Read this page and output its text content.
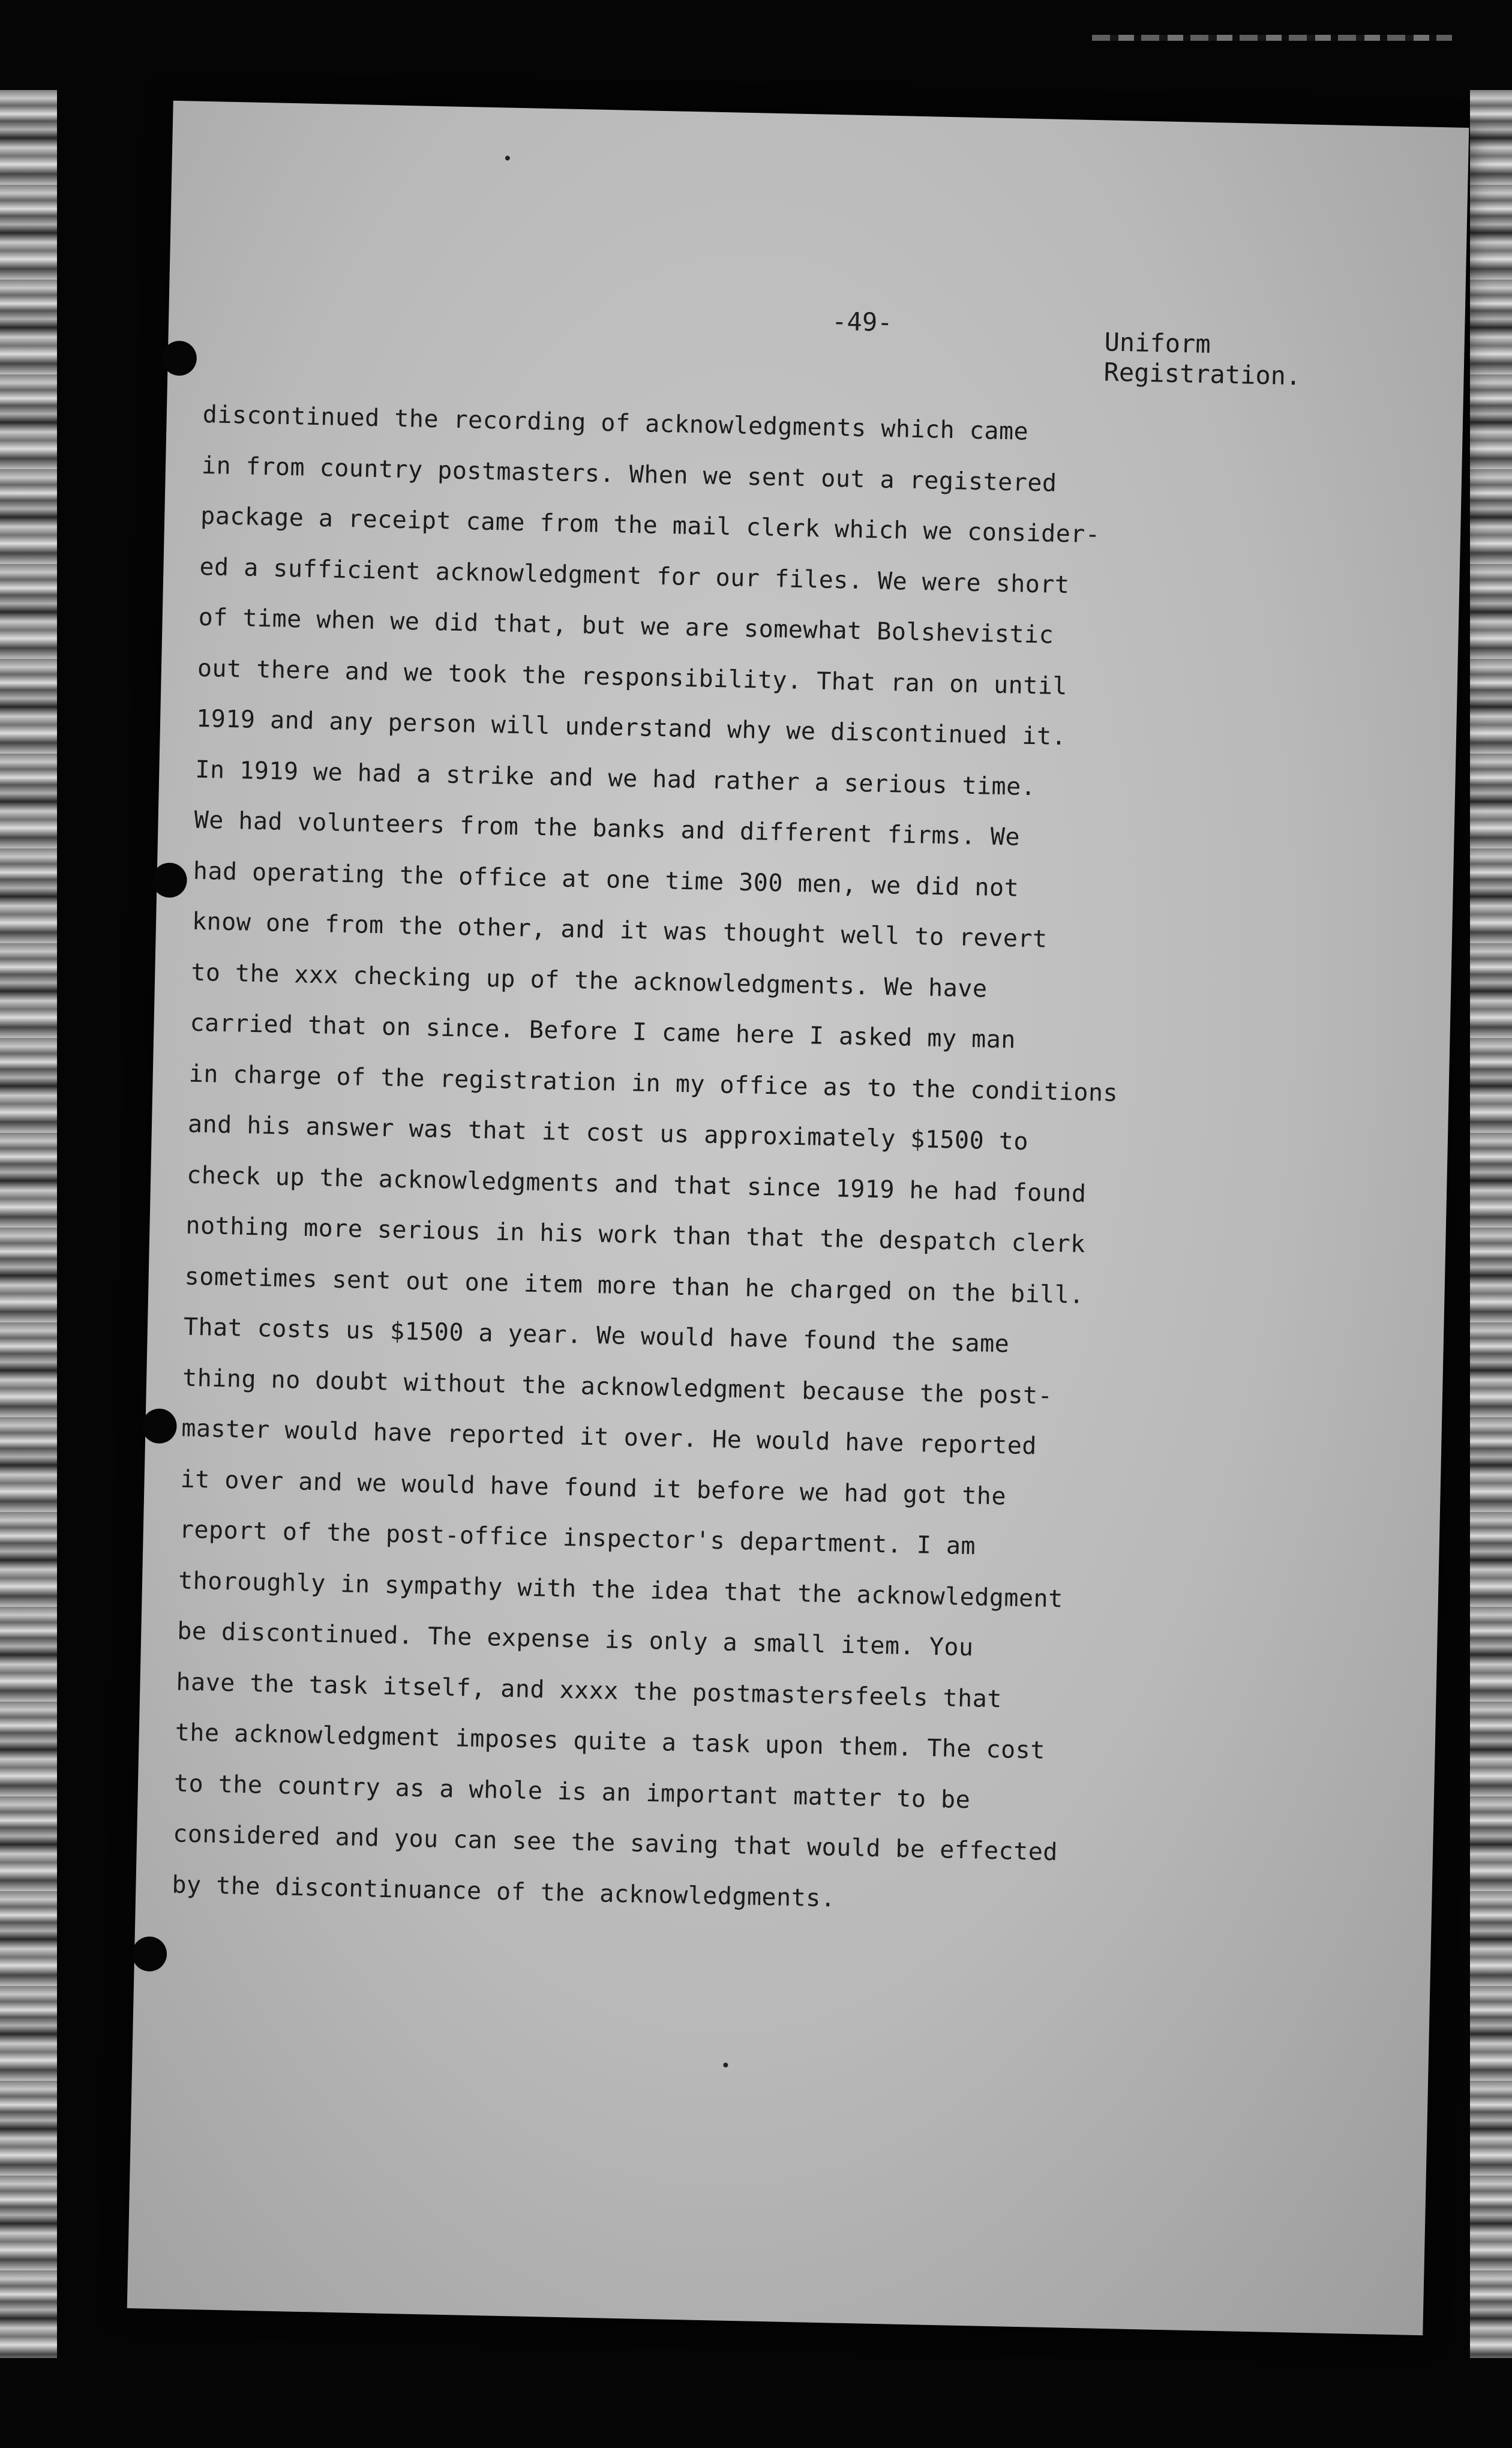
-49-
Uniform
Registration.
discontinued the recording of acknowledgments which came
in from country postmasters. When we sent out a registered
package a receipt came from the mail clerk which we consider-
ed a sufficient acknowledgment for our files. We were short
of time when we did that, but we are somewhat Bolshevistic
out there and we took the responsibility. That ran on until
1919 and any person will understand why we discontinued it.
In 1919 we had a strike and we had rather a serious time.
We had volunteers from the banks and different firms. We
had operating the office at one time 300 men, we did not
know one from the other, and it was thought well to revert
to the xxx checking up of the acknowledgments. We have
carried that on since. Before I came here I asked my man
in charge of the registration in my office as to the conditions
and his answer was that it cost us approximately $1500 to
check up the acknowledgments and that since 1919 he had found
nothing more serious in his work than that the despatch clerk
sometimes sent out one item more than he charged on the bill.
That costs us $1500 a year. We would have found the same
thing no doubt without the acknowledgment because the post-
master would have reported it over. He would have reported
it over and we would have found it before we had got the
report of the post-office inspector's department. I am
thoroughly in sympathy with the idea that the acknowledgment
be discontinued. The expense is only a small item. You
have the task itself, and xxxx the postmastersfeels that
the acknowledgment imposes quite a task upon them. The cost
to the country as a whole is an important matter to be
considered and you can see the saving that would be effected
by the discontinuance of the acknowledgments.
